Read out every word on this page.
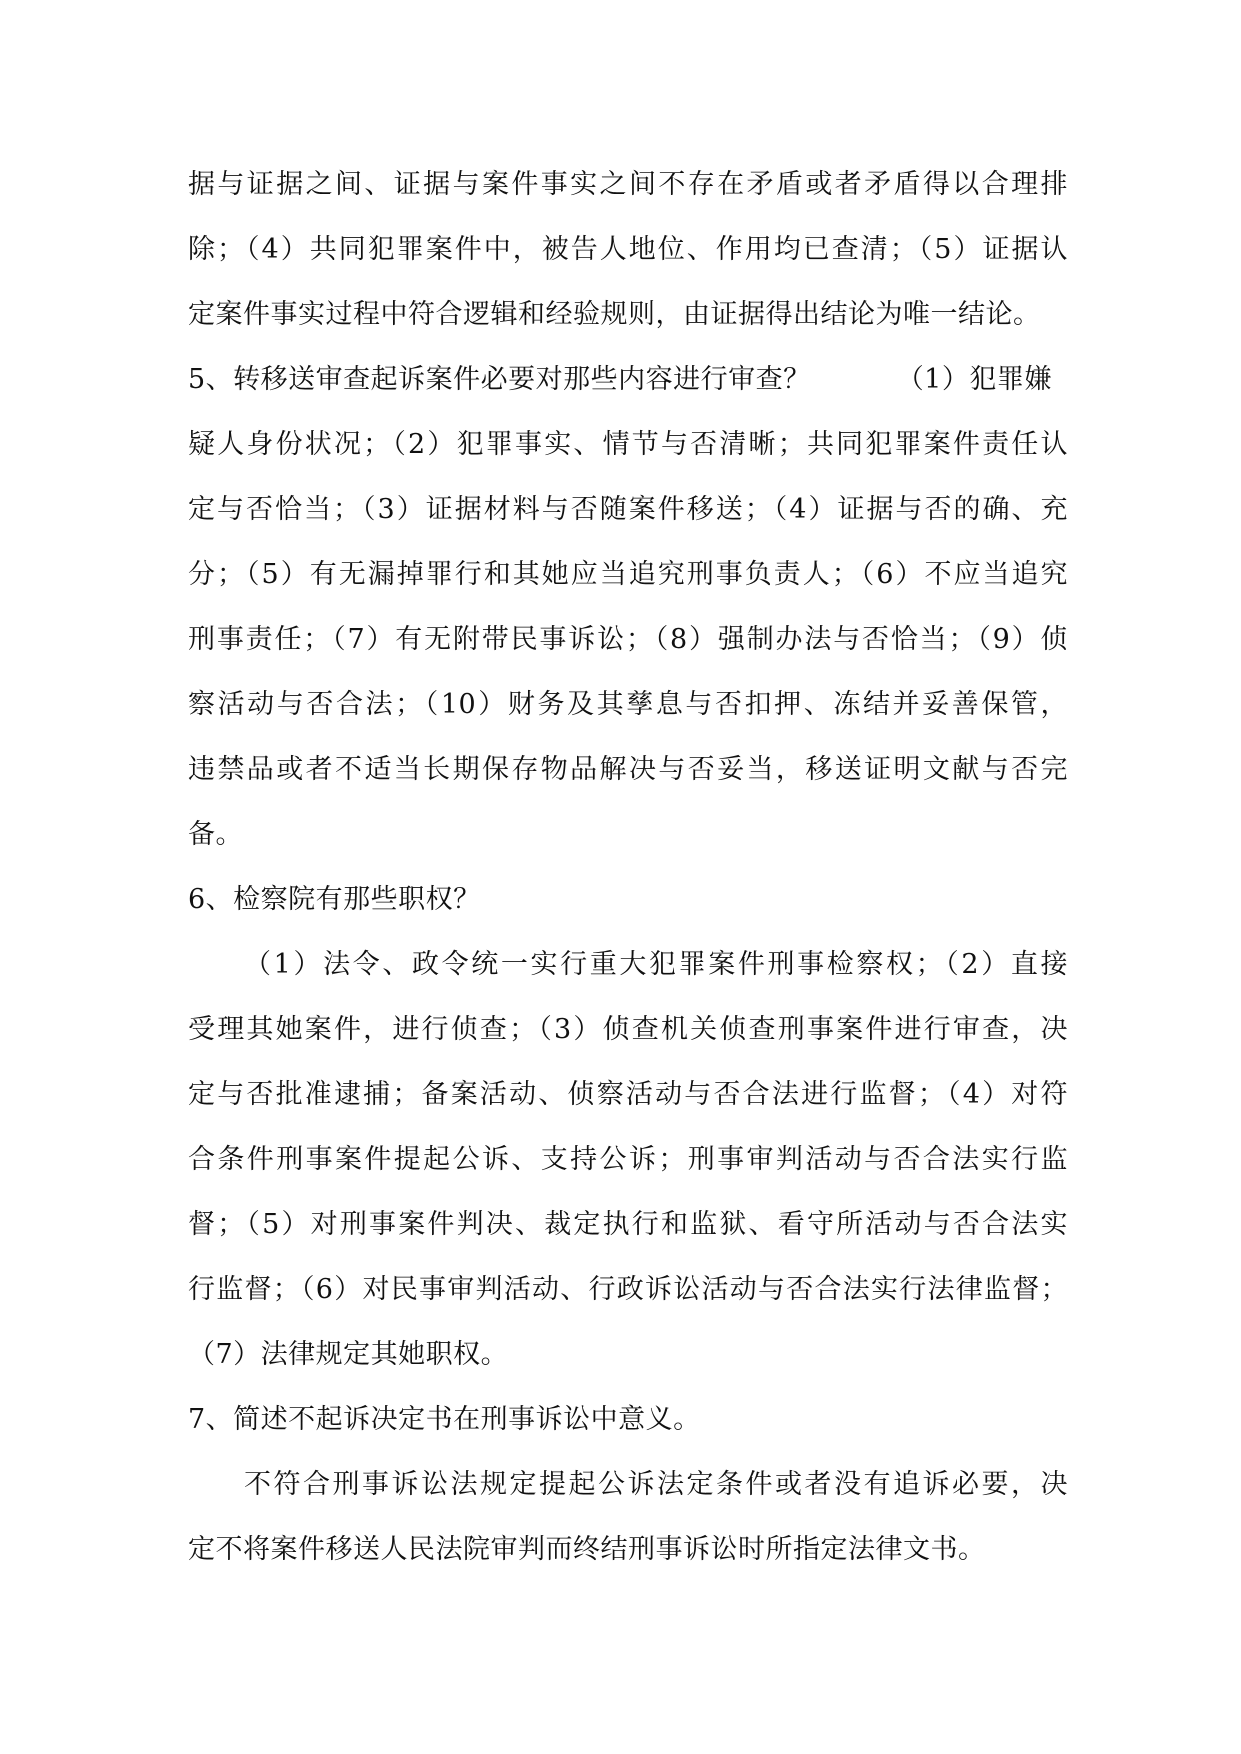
据与证据之间、证据与案件事实之间不存在矛盾或者矛盾得以合理排
除；（4）共同犯罪案件中，被告人地位、作用均已查清；（5）证据认
定案件事实过程中符合逻辑和经验规则，由证据得出结论为唯一结论。
5、转移送审查起诉案件必要对那些内容进行审查？	（1）犯罪嫌
疑人身份状况；（2）犯罪事实、情节与否清晰；共同犯罪案件责任认
定与否恰当；（3）证据材料与否随案件移送；（4）证据与否的确、充
分；（5）有无漏掉罪行和其她应当追究刑事负责人；（6）不应当追究
刑事责任；（7）有无附带民事诉讼；（8）强制办法与否恰当；（9）侦
察活动与否合法；（10）财务及其孳息与否扣押、冻结并妥善保管，
违禁品或者不适当长期保存物品解决与否妥当，移送证明文献与否完
备。
6、检察院有那些职权？
（1）法令、政令统一实行重大犯罪案件刑事检察权；（2）直接
受理其她案件，进行侦查；（3）侦查机关侦查刑事案件进行审查，决
定与否批准逮捕；备案活动、侦察活动与否合法进行监督；（4）对符
合条件刑事案件提起公诉、支持公诉；刑事审判活动与否合法实行监
督；（5）对刑事案件判决、裁定执行和监狱、看守所活动与否合法实
行监督；（6）对民事审判活动、行政诉讼活动与否合法实行法律监督；
（7）法律规定其她职权。
7、简述不起诉决定书在刑事诉讼中意义。
不符合刑事诉讼法规定提起公诉法定条件或者没有追诉必要，决
定不将案件移送人民法院审判而终结刑事诉讼时所指定法律文书。
